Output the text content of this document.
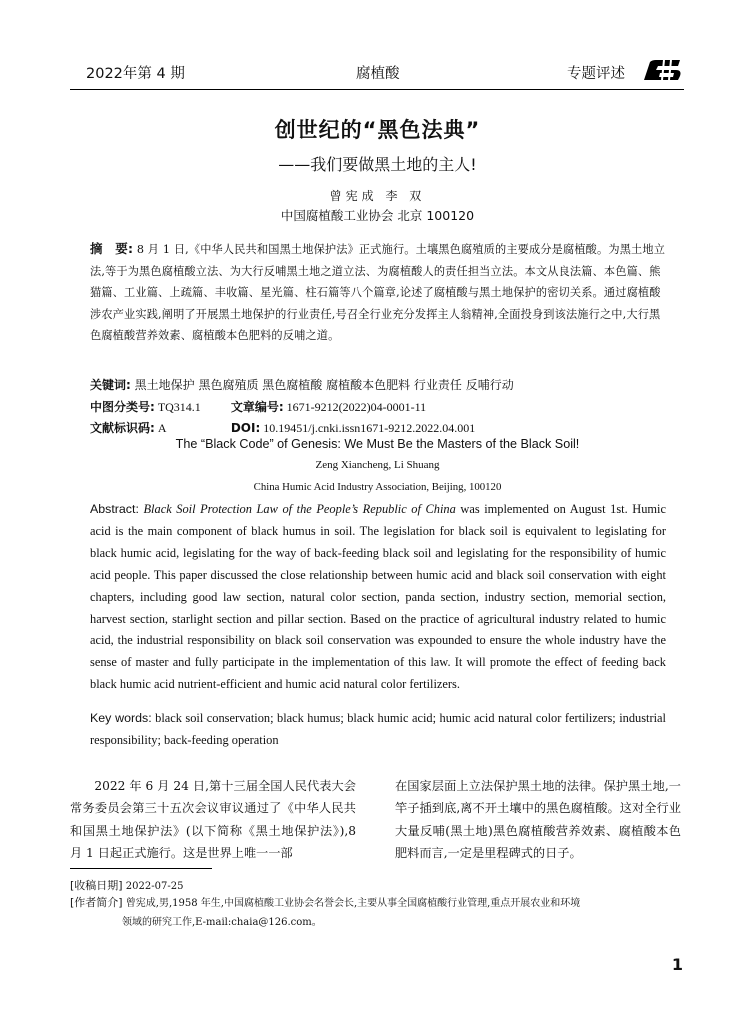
2022年第 4 期	腐植酸	专题评述
创世纪的“黑色法典”
——我们要做黑土地的主人!
曾宪成 李 双
中国腐植酸工业协会 北京 100120
摘　要: 8 月 1 日,《中华人民共和国黑土地保护法》正式施行。土壤黑色腐殖质的主要成分是腐植酸。为黑土地立法,等于为黑色腐植酸立法、为大行反哺黑土地之道立法、为腐植酸人的责任担当立法。本文从良法篇、本色篇、熊猫篇、工业篇、上疏篇、丰收篇、星光篇、柱石篇等八个篇章,论述了腐植酸与黑土地保护的密切关系。通过腐植酸涉农产业实践,阐明了开展黑土地保护的行业责任,号召全行业充分发挥主人翁精神,全面投身到该法施行之中,大行黑色腐植酸营养效素、腐植酸本色肥料的反哺之道。
关键词: 黑土地保护 黑色腐殖质 黑色腐植酸 腐植酸本色肥料 行业责任 反哺行动
中图分类号: TQ314.1	文章编号: 1671-9212(2022)04-0001-11
文献标识码: A	DOI: 10.19451/j.cnki.issn1671-9212.2022.04.001
The “Black Code” of Genesis: We Must Be the Masters of the Black Soil!
Zeng Xiancheng, Li Shuang
China Humic Acid Industry Association, Beijing, 100120
Abstract: Black Soil Protection Law of the People’s Republic of China was implemented on August 1st. Humic acid is the main component of black humus in soil. The legislation for black soil is equivalent to legislating for black humic acid, legislating for the way of back-feeding black soil and legislating for the responsibility of humic acid people. This paper discussed the close relationship between humic acid and black soil conservation with eight chapters, including good law section, natural color section, panda section, industry section, memorial section, harvest section, starlight section and pillar section. Based on the practice of agricultural industry related to humic acid, the industrial responsibility on black soil conservation was expounded to ensure the whole industry have the sense of master and fully participate in the implementation of this law. It will promote the effect of feeding back black humic acid nutrient-efficient and humic acid natural color fertilizers.
Key words: black soil conservation; black humus; black humic acid; humic acid natural color fertilizers; industrial responsibility; back-feeding operation

2022 年 6 月 24 日,第十三届全国人民代表大会常务委员会第三十五次会议审议通过了《中华人民共和国黑土地保护法》(以下简称《黑土地保护法》),8 月 1 日起正式施行。这是世界上唯一一部

在国家层面上立法保护黑土地的法律。保护黑土地,一竿子插到底,离不开土壤中的黑色腐植酸。这对全行业大量反哺(黑土地)黑色腐植酸营养效素、腐植酸本色肥料而言,一定是里程碑式的日子。

[收稿日期] 2022-07-25
[作者简介] 曾宪成,男,1958 年生,中国腐植酸工业协会名誉会长,主要从事全国腐植酸行业管理,重点开展农业和环境
领域的研究工作,E-mail:chaia@126.com。
1
